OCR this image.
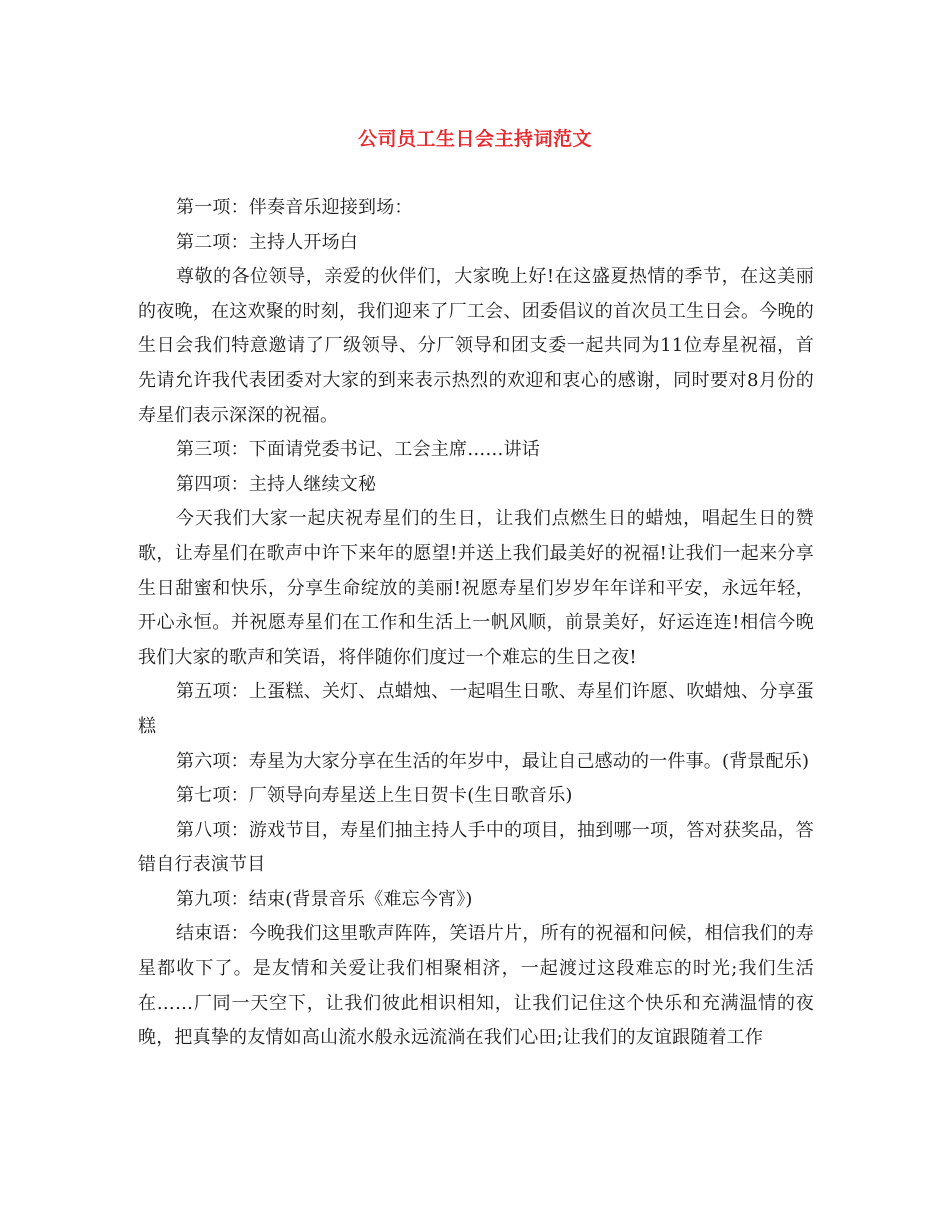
公司员工生日会主持词范文

第一项：伴奏音乐迎接到场：

第二项：主持人开场白

尊敬的各位领导，亲爱的伙伴们，大家晚上好!在这盛夏热情的季节，在这美丽的夜晚，在这欢聚的时刻，我们迎来了厂工会、团委倡议的首次员工生日会。今晚的生日会我们特意邀请了厂级领导、分厂领导和团支委一起共同为11位寿星祝福，首先请允许我代表团委对大家的到来表示热烈的欢迎和衷心的感谢，同时要对8月份的寿星们表示深深的祝福。

第三项：下面请党委书记、工会主席……讲话

第四项：主持人继续文秘

今天我们大家一起庆祝寿星们的生日，让我们点燃生日的蜡烛，唱起生日的赞歌，让寿星们在歌声中许下来年的愿望!并送上我们最美好的祝福!让我们一起来分享生日甜蜜和快乐，分享生命绽放的美丽!祝愿寿星们岁岁年年详和平安，永远年轻，开心永恒。并祝愿寿星们在工作和生活上一帆风顺，前景美好，好运连连!相信今晚我们大家的歌声和笑语，将伴随你们度过一个难忘的生日之夜!

第五项：上蛋糕、关灯、点蜡烛、一起唱生日歌、寿星们许愿、吹蜡烛、分享蛋糕

第六项：寿星为大家分享在生活的年岁中，最让自己感动的一件事。(背景配乐)

第七项：厂领导向寿星送上生日贺卡(生日歌音乐)

第八项：游戏节目，寿星们抽主持人手中的项目，抽到哪一项，答对获奖品，答错自行表演节目

第九项：结束(背景音乐《难忘今宵》)

结束语：今晚我们这里歌声阵阵，笑语片片，所有的祝福和问候，相信我们的寿星都收下了。是友情和关爱让我们相聚相济，一起渡过这段难忘的时光;我们生活在……厂同一天空下，让我们彼此相识相知，让我们记住这个快乐和充满温情的夜晚，把真挚的友情如高山流水般永远流淌在我们心田;让我们的友谊跟随着工作
